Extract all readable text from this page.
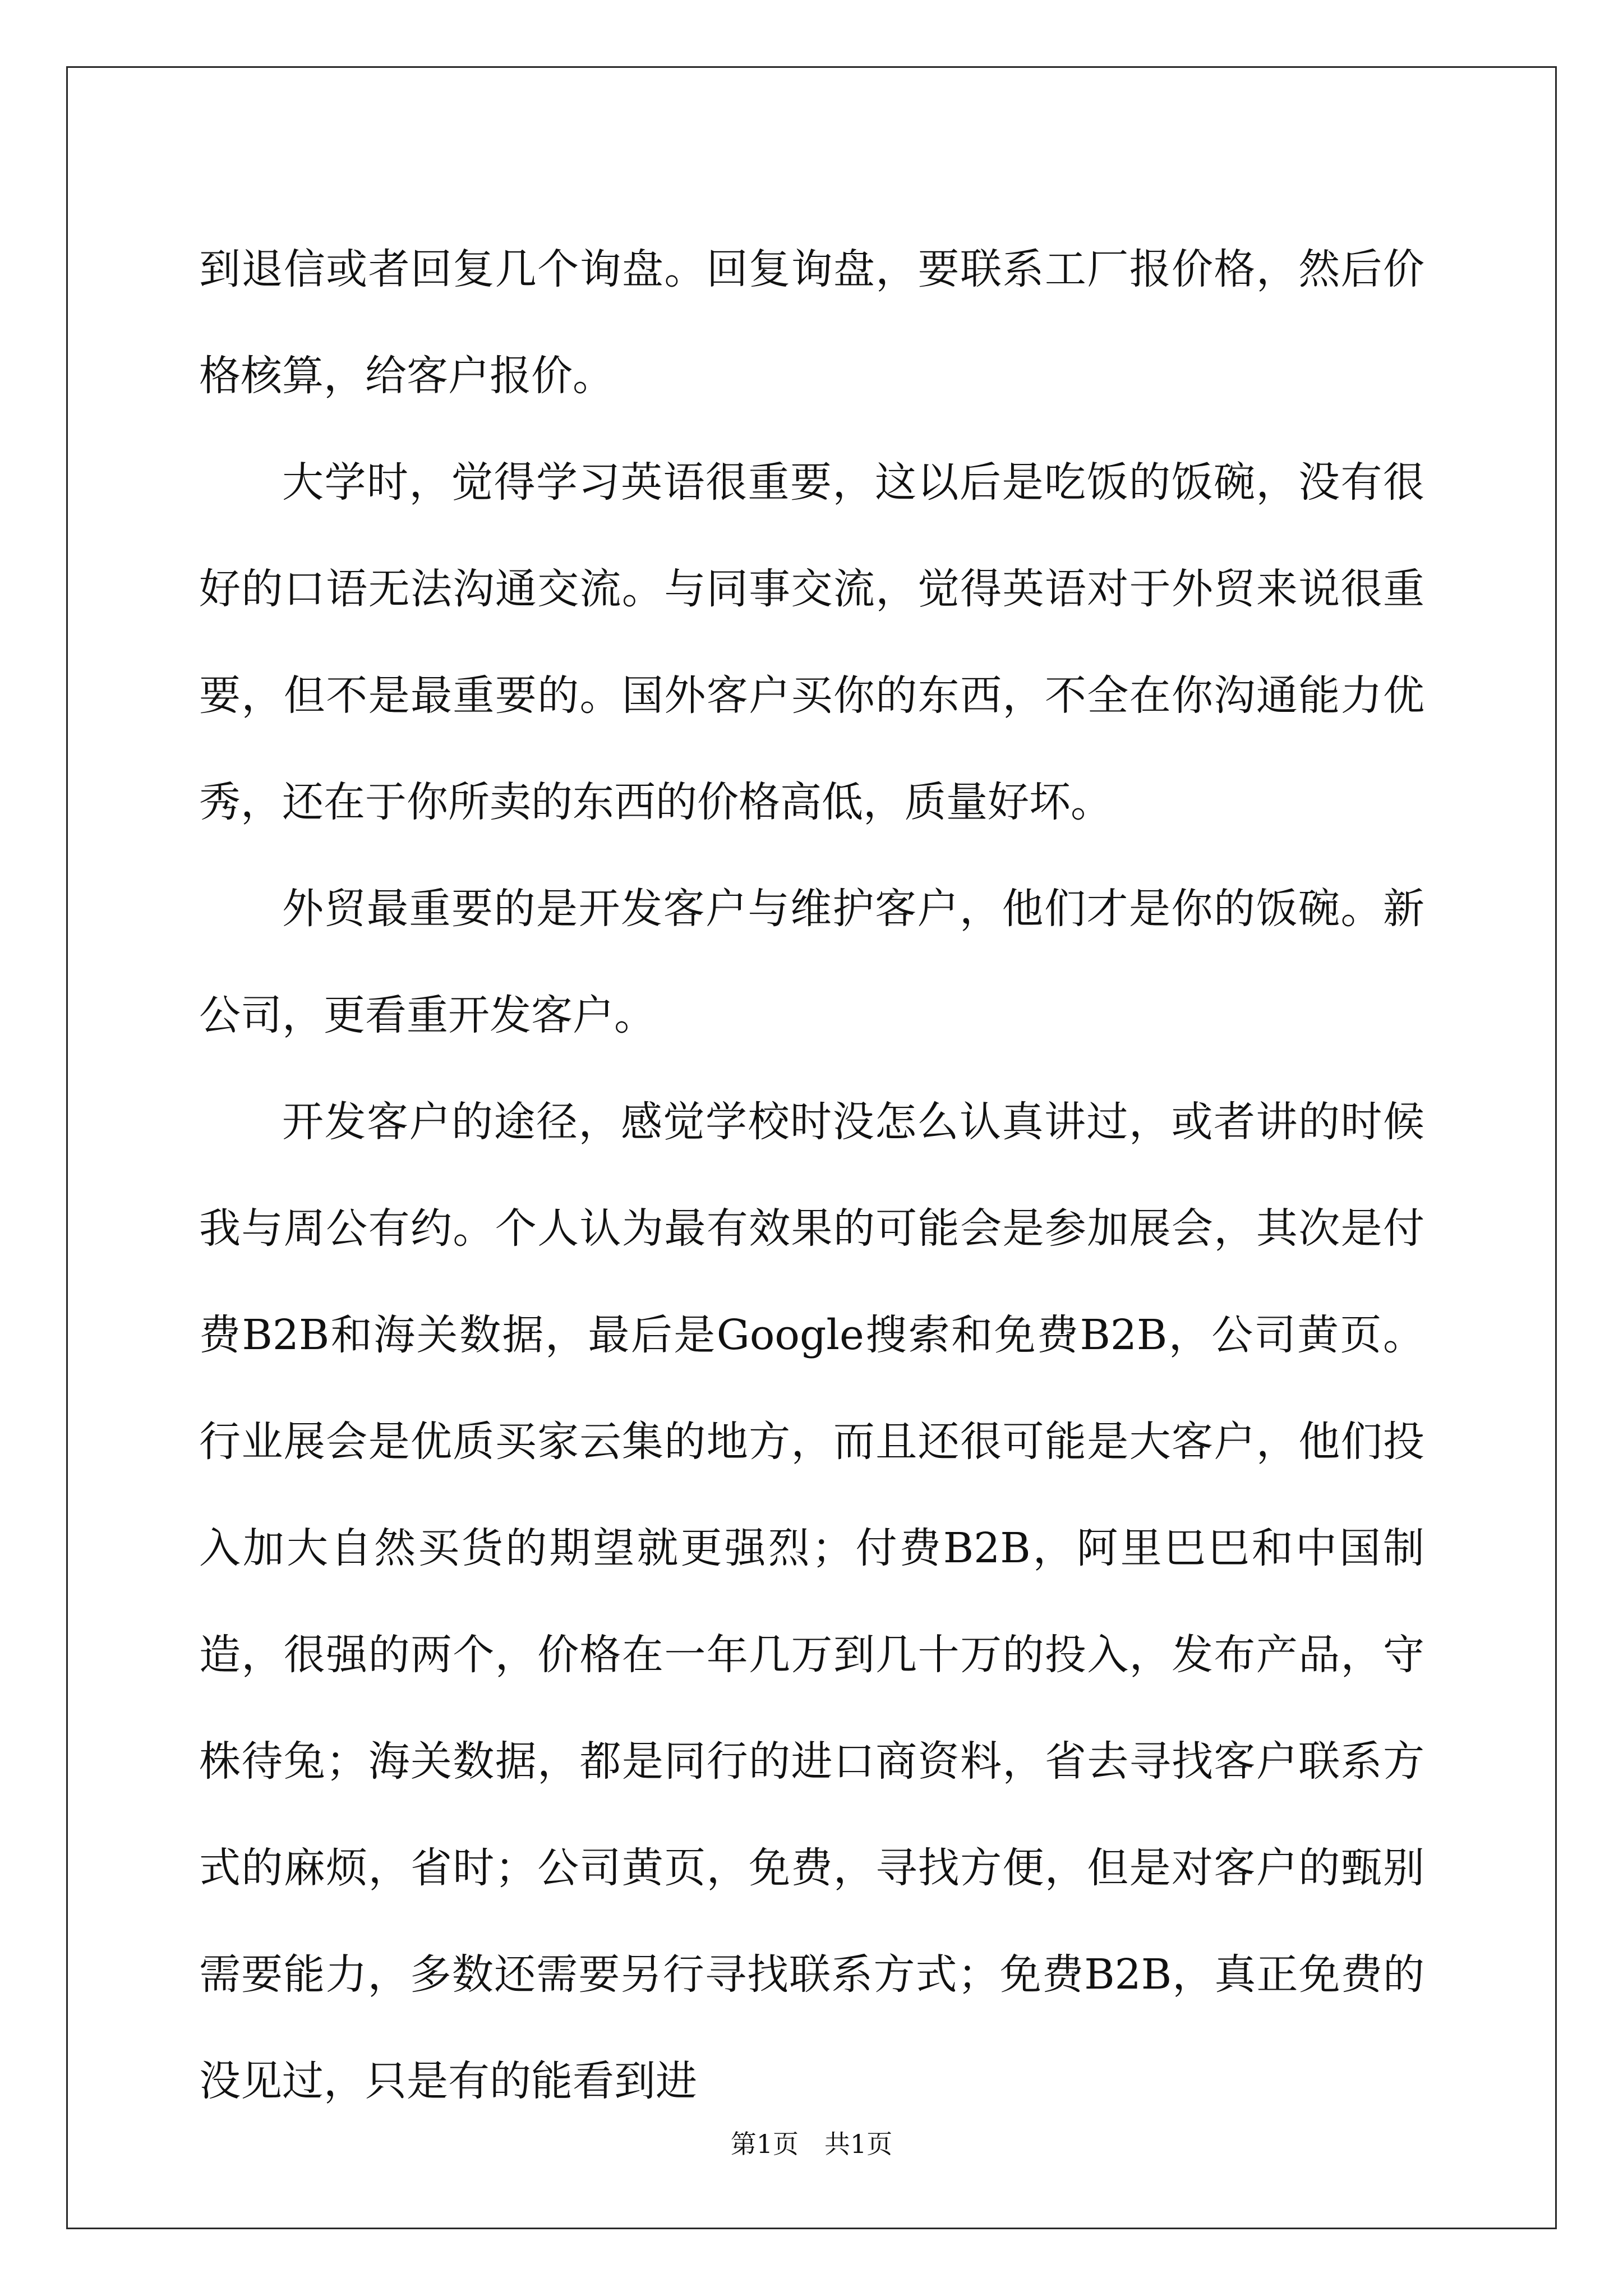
到退信或者回复几个询盘。回复询盘，要联系工厂报价格，然后价格核算，给客户报价。

大学时，觉得学习英语很重要，这以后是吃饭的饭碗，没有很好的口语无法沟通交流。与同事交流，觉得英语对于外贸来说很重要，但不是最重要的。国外客户买你的东西，不全在你沟通能力优秀，还在于你所卖的东西的价格高低，质量好坏。

外贸最重要的是开发客户与维护客户，他们才是你的饭碗。新公司，更看重开发客户。

开发客户的途径，感觉学校时没怎么认真讲过，或者讲的时候我与周公有约。个人认为最有效果的可能会是参加展会，其次是付费B2B和海关数据，最后是Google搜索和免费B2B，公司黄页。行业展会是优质买家云集的地方，而且还很可能是大客户，他们投入加大自然买货的期望就更强烈；付费B2B，阿里巴巴和中国制造，很强的两个，价格在一年几万到几十万的投入，发布产品，守株待兔；海关数据，都是同行的进口商资料，省去寻找客户联系方式的麻烦，省时；公司黄页，免费，寻找方便，但是对客户的甄别需要能力，多数还需要另行寻找联系方式；免费B2B，真正免费的没见过，只是有的能看到进

第1页　共1页
